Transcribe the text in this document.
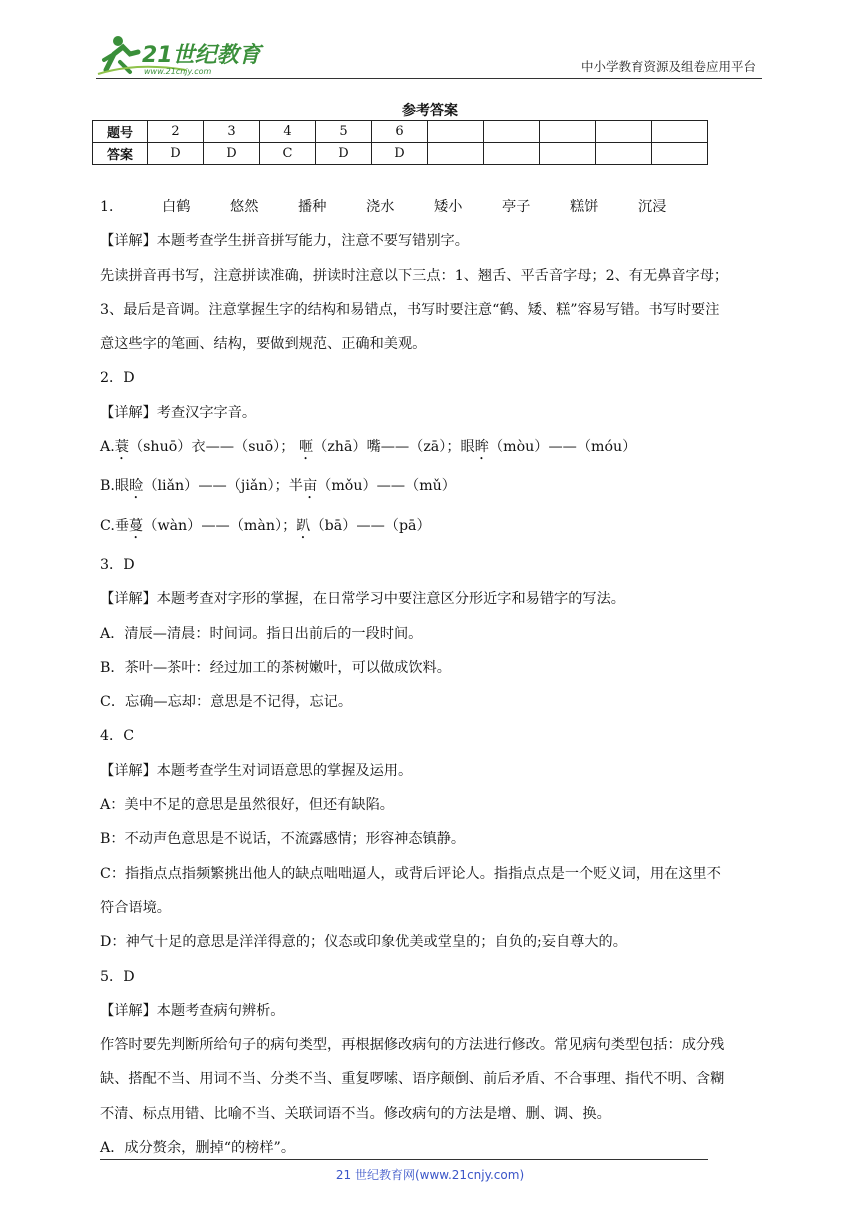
21世纪教育
www.21cnjy.com	中小学教育资源及组卷应用平台
参考答案
题号	2	3	4	5	6					
答案	D	D	C	D	D					
1．	白鹤	悠然	播种	浇水	矮小	亭子	糕饼	沉浸
【详解】本题考查学生拼音拼写能力，注意不要写错别字。
先读拼音再书写，注意拼读准确，拼读时注意以下三点：1、翘舌、平舌音字母；2、有无鼻音字母；
3、最后是音调。注意掌握生字的结构和易错点，书写时要注意“鹤、矮、糕”容易写错。书写时要注
意这些字的笔画、结构，要做到规范、正确和美观。
2．D
【详解】考查汉字字音。
A.蓑（shuō）衣——（suō）； 咂（zhā）嘴——（zā）；眼眸（mòu）——（móu）
B.眼睑（liǎn）——（jiǎn）；半亩（mǒu）——（mǔ）
C.垂蔓（wàn）——（màn）；趴（bā）——（pā）
3．D
【详解】本题考查对字形的掌握，在日常学习中要注意区分形近字和易错字的写法。
A．清辰—清晨：时间词。指日出前后的一段时间。
B．茶叶—茶叶：经过加工的茶树嫩叶，可以做成饮料。
C．忘确—忘却：意思是不记得，忘记。
4．C
【详解】本题考查学生对词语意思的掌握及运用。
A：美中不足的意思是虽然很好，但还有缺陷。
B：不动声色意思是不说话，不流露感情；形容神态镇静。
C：指指点点指频繁挑出他人的缺点咄咄逼人，或背后评论人。指指点点是一个贬义词，用在这里不
符合语境。
D：神气十足的意思是洋洋得意的；仪态或印象优美或堂皇的；自负的;妄自尊大的。
5．D
【详解】本题考查病句辨析。
作答时要先判断所给句子的病句类型，再根据修改病句的方法进行修改。常见病句类型包括：成分残
缺、搭配不当、用词不当、分类不当、重复啰嗦、语序颠倒、前后矛盾、不合事理、指代不明、含糊
不清、标点用错、比喻不当、关联词语不当。修改病句的方法是增、删、调、换。
A．成分赘余，删掉“的榜样”。
21 世纪教育网(www.21cnjy.com)
